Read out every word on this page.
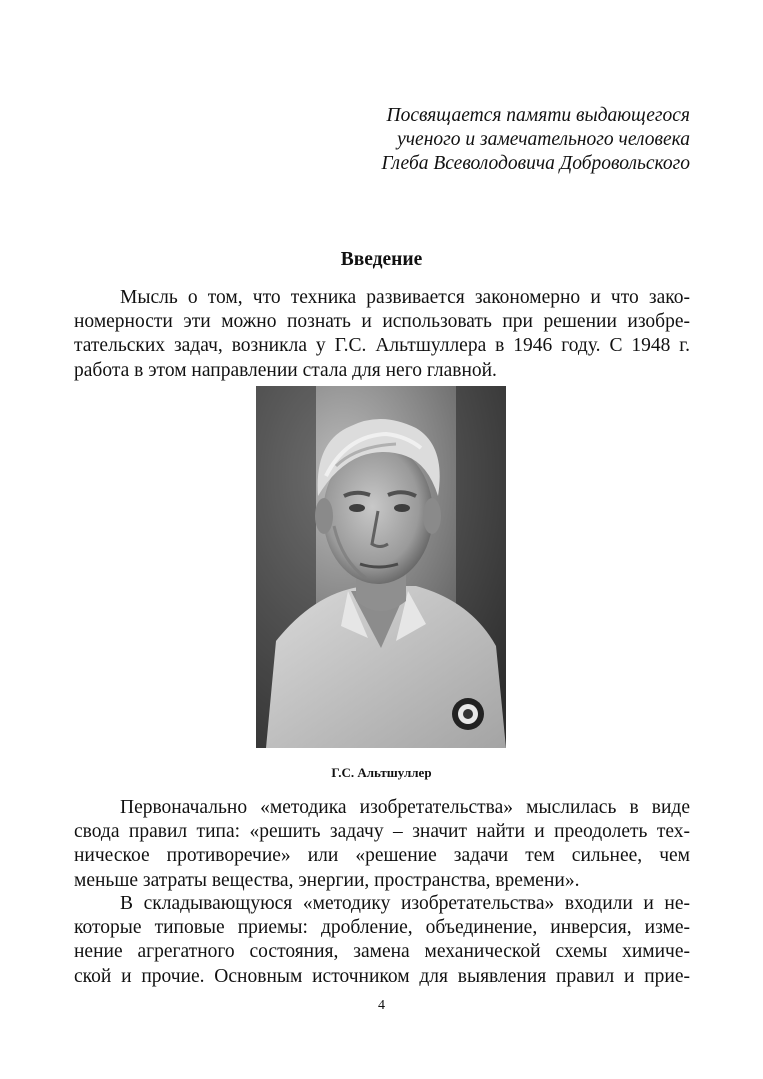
Посвящается памяти выдающегося
ученого и замечательного человека
Глеба Всеволодовича Добровольского
Введение
Мысль о том, что техника развивается закономерно и что зако-
номерности эти можно познать и использовать при решении изобре-
тательских задач, возникла у Г.С. Альтшуллера в 1946 году. С 1948 г.
работа в этом направлении стала для него главной.
Г.С. Альтшуллер
Первоначально «методика изобретательства» мыслилась в виде
свода правил типа: «решить задачу – значит найти и преодолеть тех-
ническое противоречие» или «решение задачи тем сильнее, чем
меньше затраты вещества, энергии, пространства, времени».
В складывающуюся «методику изобретательства» входили и не-
которые типовые приемы: дробление, объединение, инверсия, изме-
нение агрегатного состояния, замена механической схемы химиче-
ской и прочие. Основным источником для выявления правил и прие-
4
